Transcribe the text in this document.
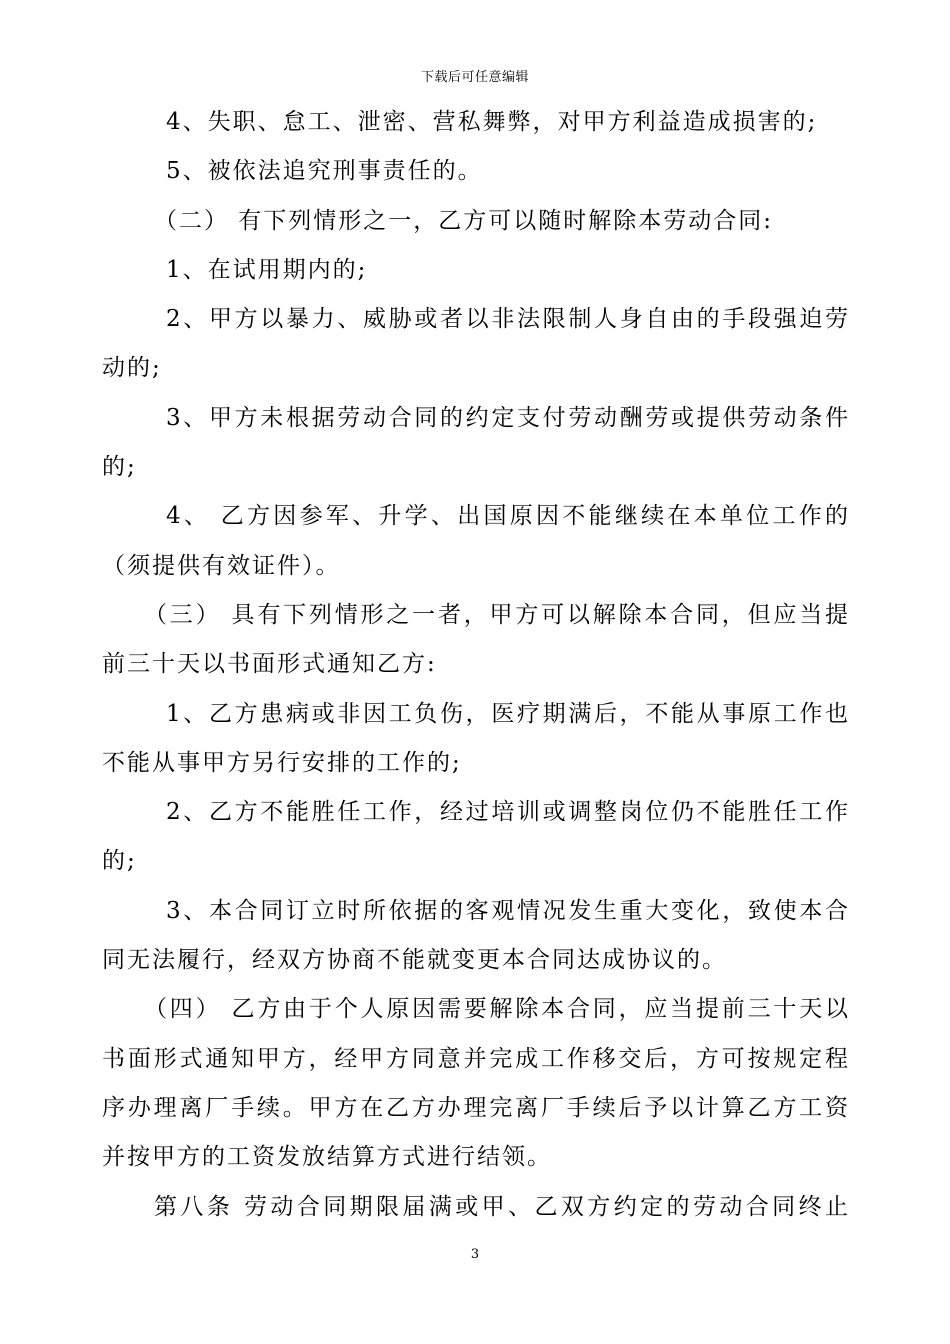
下载后可任意编辑
4、失职、怠工、泄密、营私舞弊，对甲方利益造成损害的;
5、被依法追究刑事责任的。
（二） 有下列情形之一，乙方可以随时解除本劳动合同:
1、在试用期内的;
2、甲方以暴力、威胁或者以非法限制人身自由的手段强迫劳
动的;
3、甲方未根据劳动合同的约定支付劳动酬劳或提供劳动条件
的;
4、 乙方因参军、升学、出国原因不能继续在本单位工作的
（须提供有效证件）。
（三） 具有下列情形之一者，甲方可以解除本合同，但应当提
前三十天以书面形式通知乙方:
1、乙方患病或非因工负伤，医疗期满后，不能从事原工作也
不能从事甲方另行安排的工作的;
2、乙方不能胜任工作，经过培训或调整岗位仍不能胜任工作
的;
3、本合同订立时所依据的客观情况发生重大变化，致使本合
同无法履行，经双方协商不能就变更本合同达成协议的。
（四） 乙方由于个人原因需要解除本合同，应当提前三十天以
书面形式通知甲方，经甲方同意并完成工作移交后，方可按规定程
序办理离厂手续。甲方在乙方办理完离厂手续后予以计算乙方工资
并按甲方的工资发放结算方式进行结领。
第八条 劳动合同期限届满或甲、乙双方约定的劳动合同终止
3
